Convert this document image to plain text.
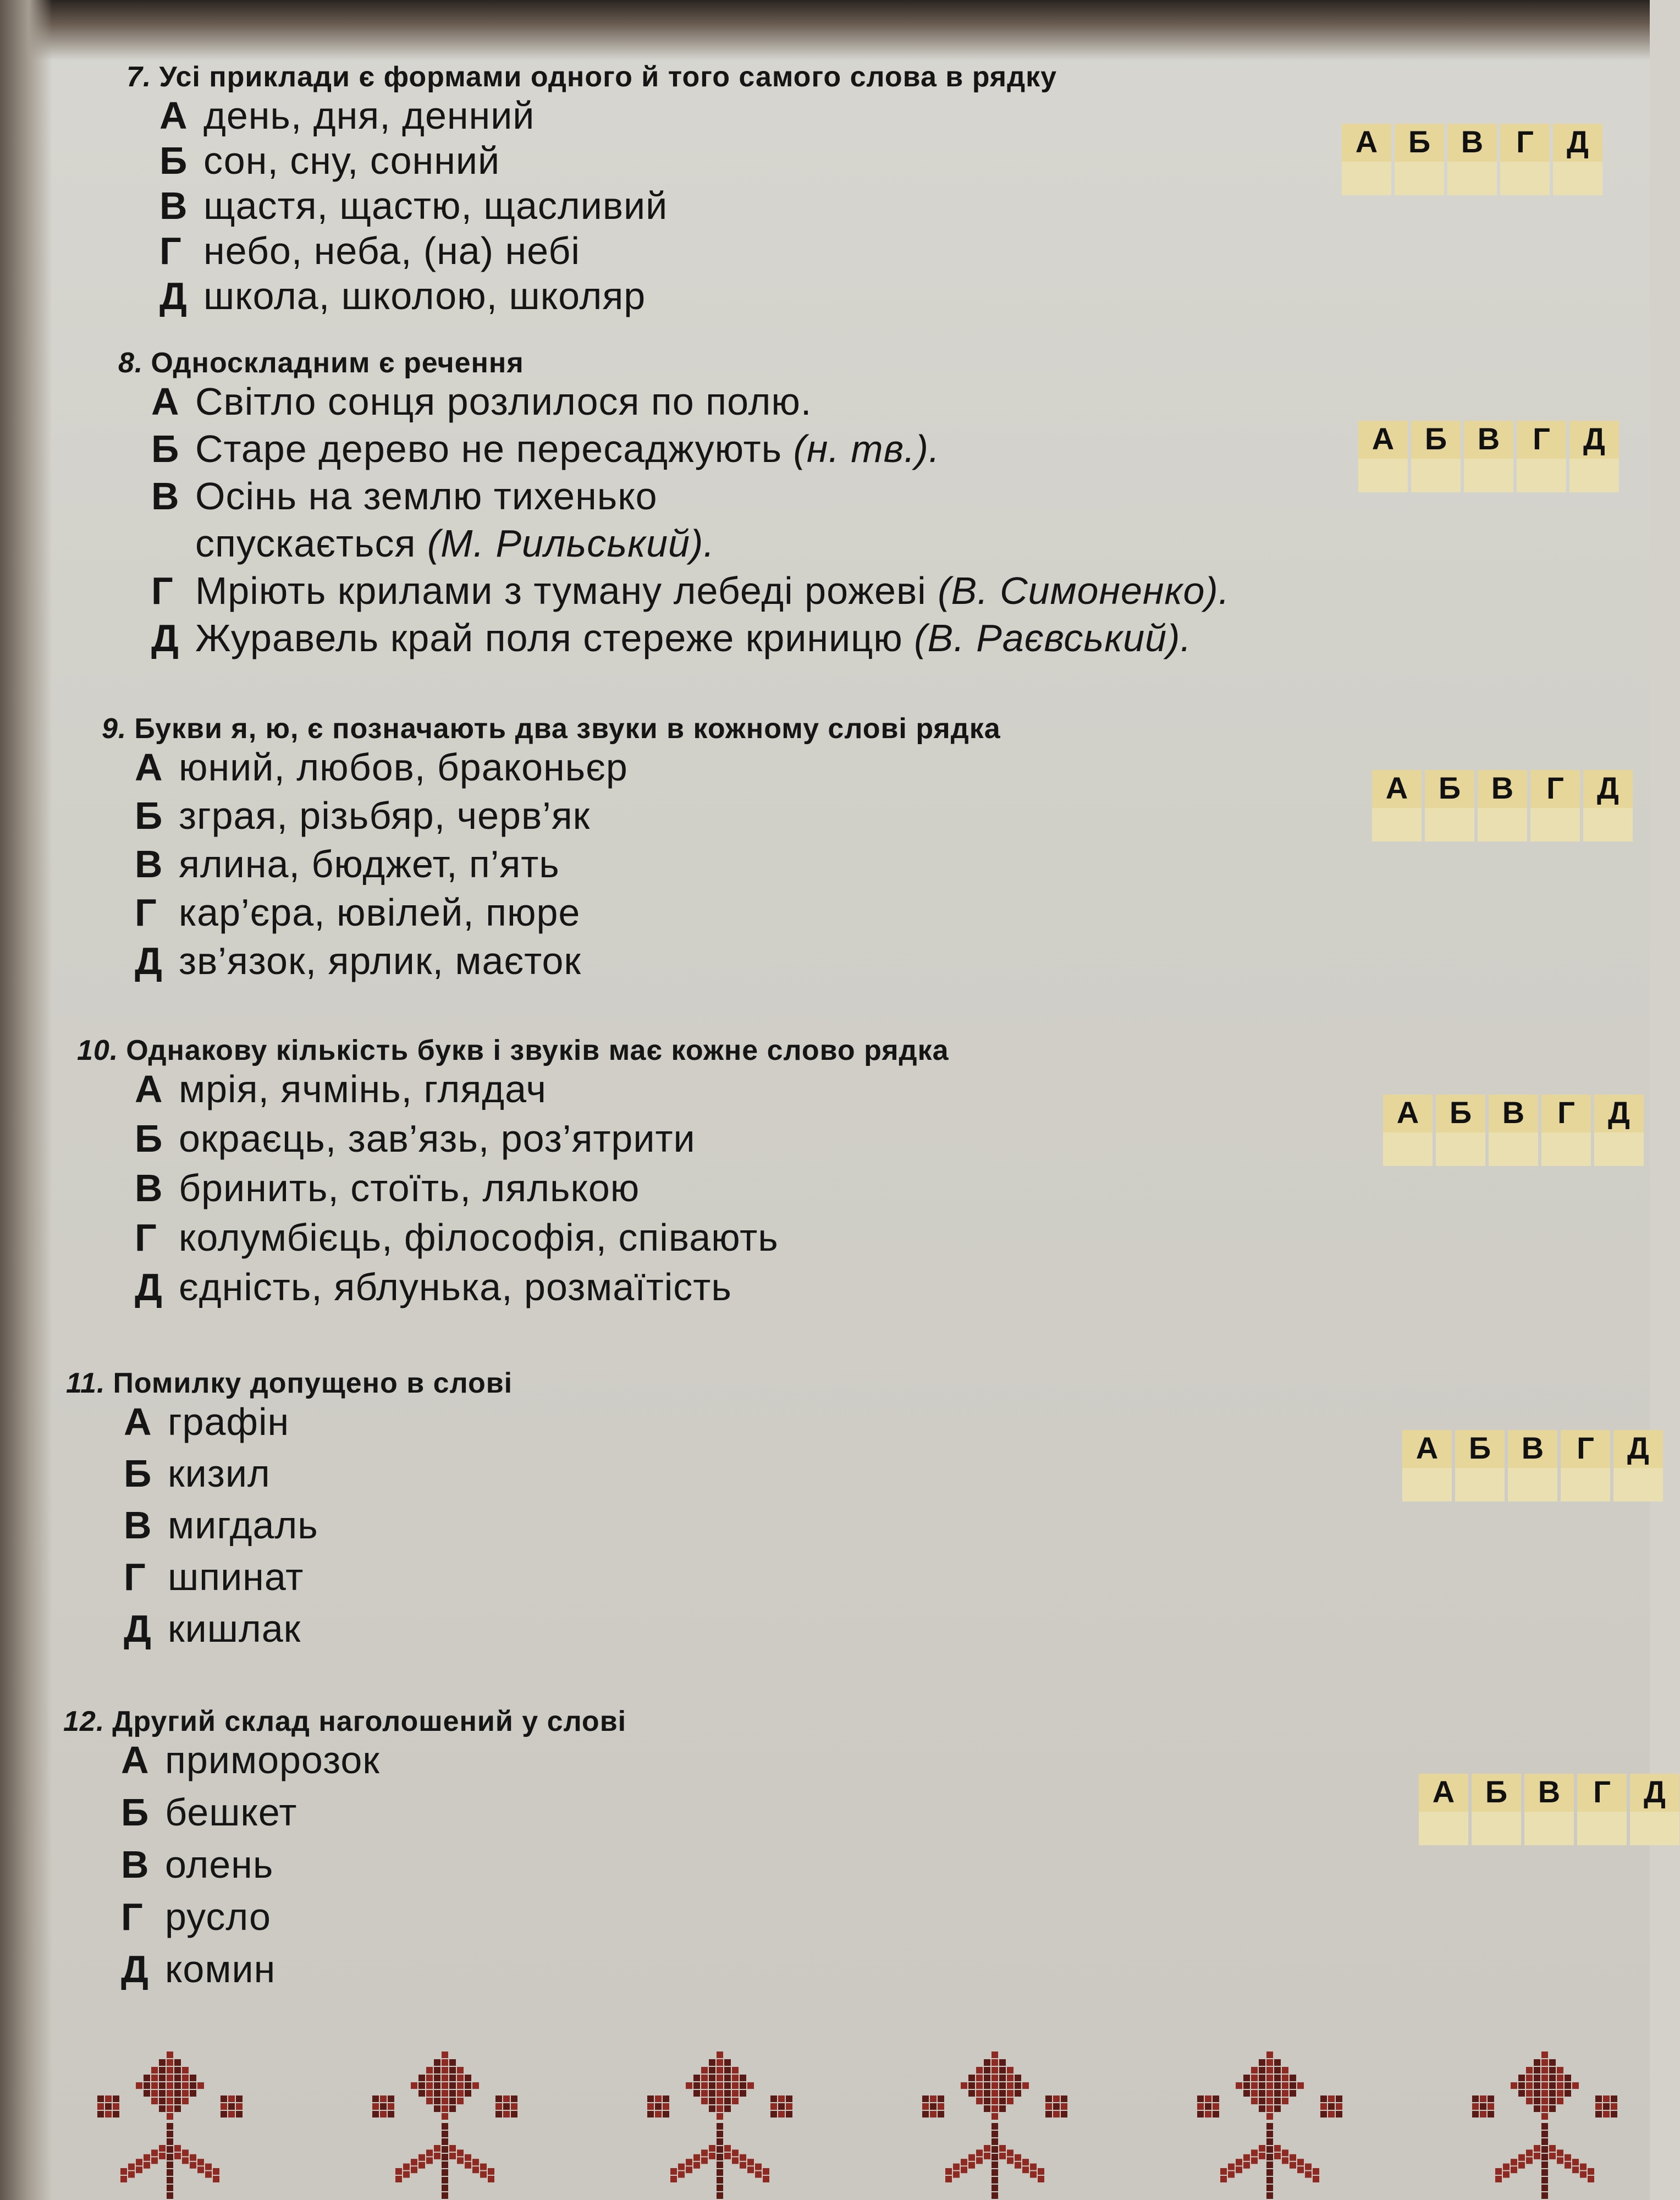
7. Усі приклади є формами одного й того самого слова в рядку
А день, дня, денний
Б сон, сну, сонний
В щастя, щастю, щасливий
Г небо, неба, (на) небі
Д школа, школою, школяр
А Б В	Г	Д
8. Односкладним є речення
А Світло сонця розлилося по полю.
Б Старе дерево не пересаджують (н. тв.).
В Осінь на землю тихенько
спускається (М. Рильський).
Г Мріють крилами з туману лебеді рожеві (В. Симоненко).
Д Журавель край поля стереже криницю (В. Раєвський).
А Б В	Г	Д
9. Букви я, ю, є позначають два звуки в кожному слові рядка
А юний, любов, браконьєр
Б зграя, різьбяр, черв’як
В ялина, бюджет, п’ять
Г кар’єра, ювілей, пюре
Д зв’язок, ярлик, маєток
А Б В	Г	Д
10. Однакову кількість букв і звуків має кожне слово рядка
А мрія, ячмінь, глядач
Б окраєць, зав’язь, роз’ятрити
В бринить, стоїть, лялькою
Г колумбієць, філософія, співають
Д єдність, яблунька, розмаїтість
А Б В	Г	Д
11. Помилку допущено в слові
А графін
Б кизил
В мигдаль
Г шпинат
Д кишлак
А Б В	Г	Д
12. Другий склад наголошений у слові
А приморозок
Б бешкет
В олень
Г русло
Д комин
А Б В	Г	Д
